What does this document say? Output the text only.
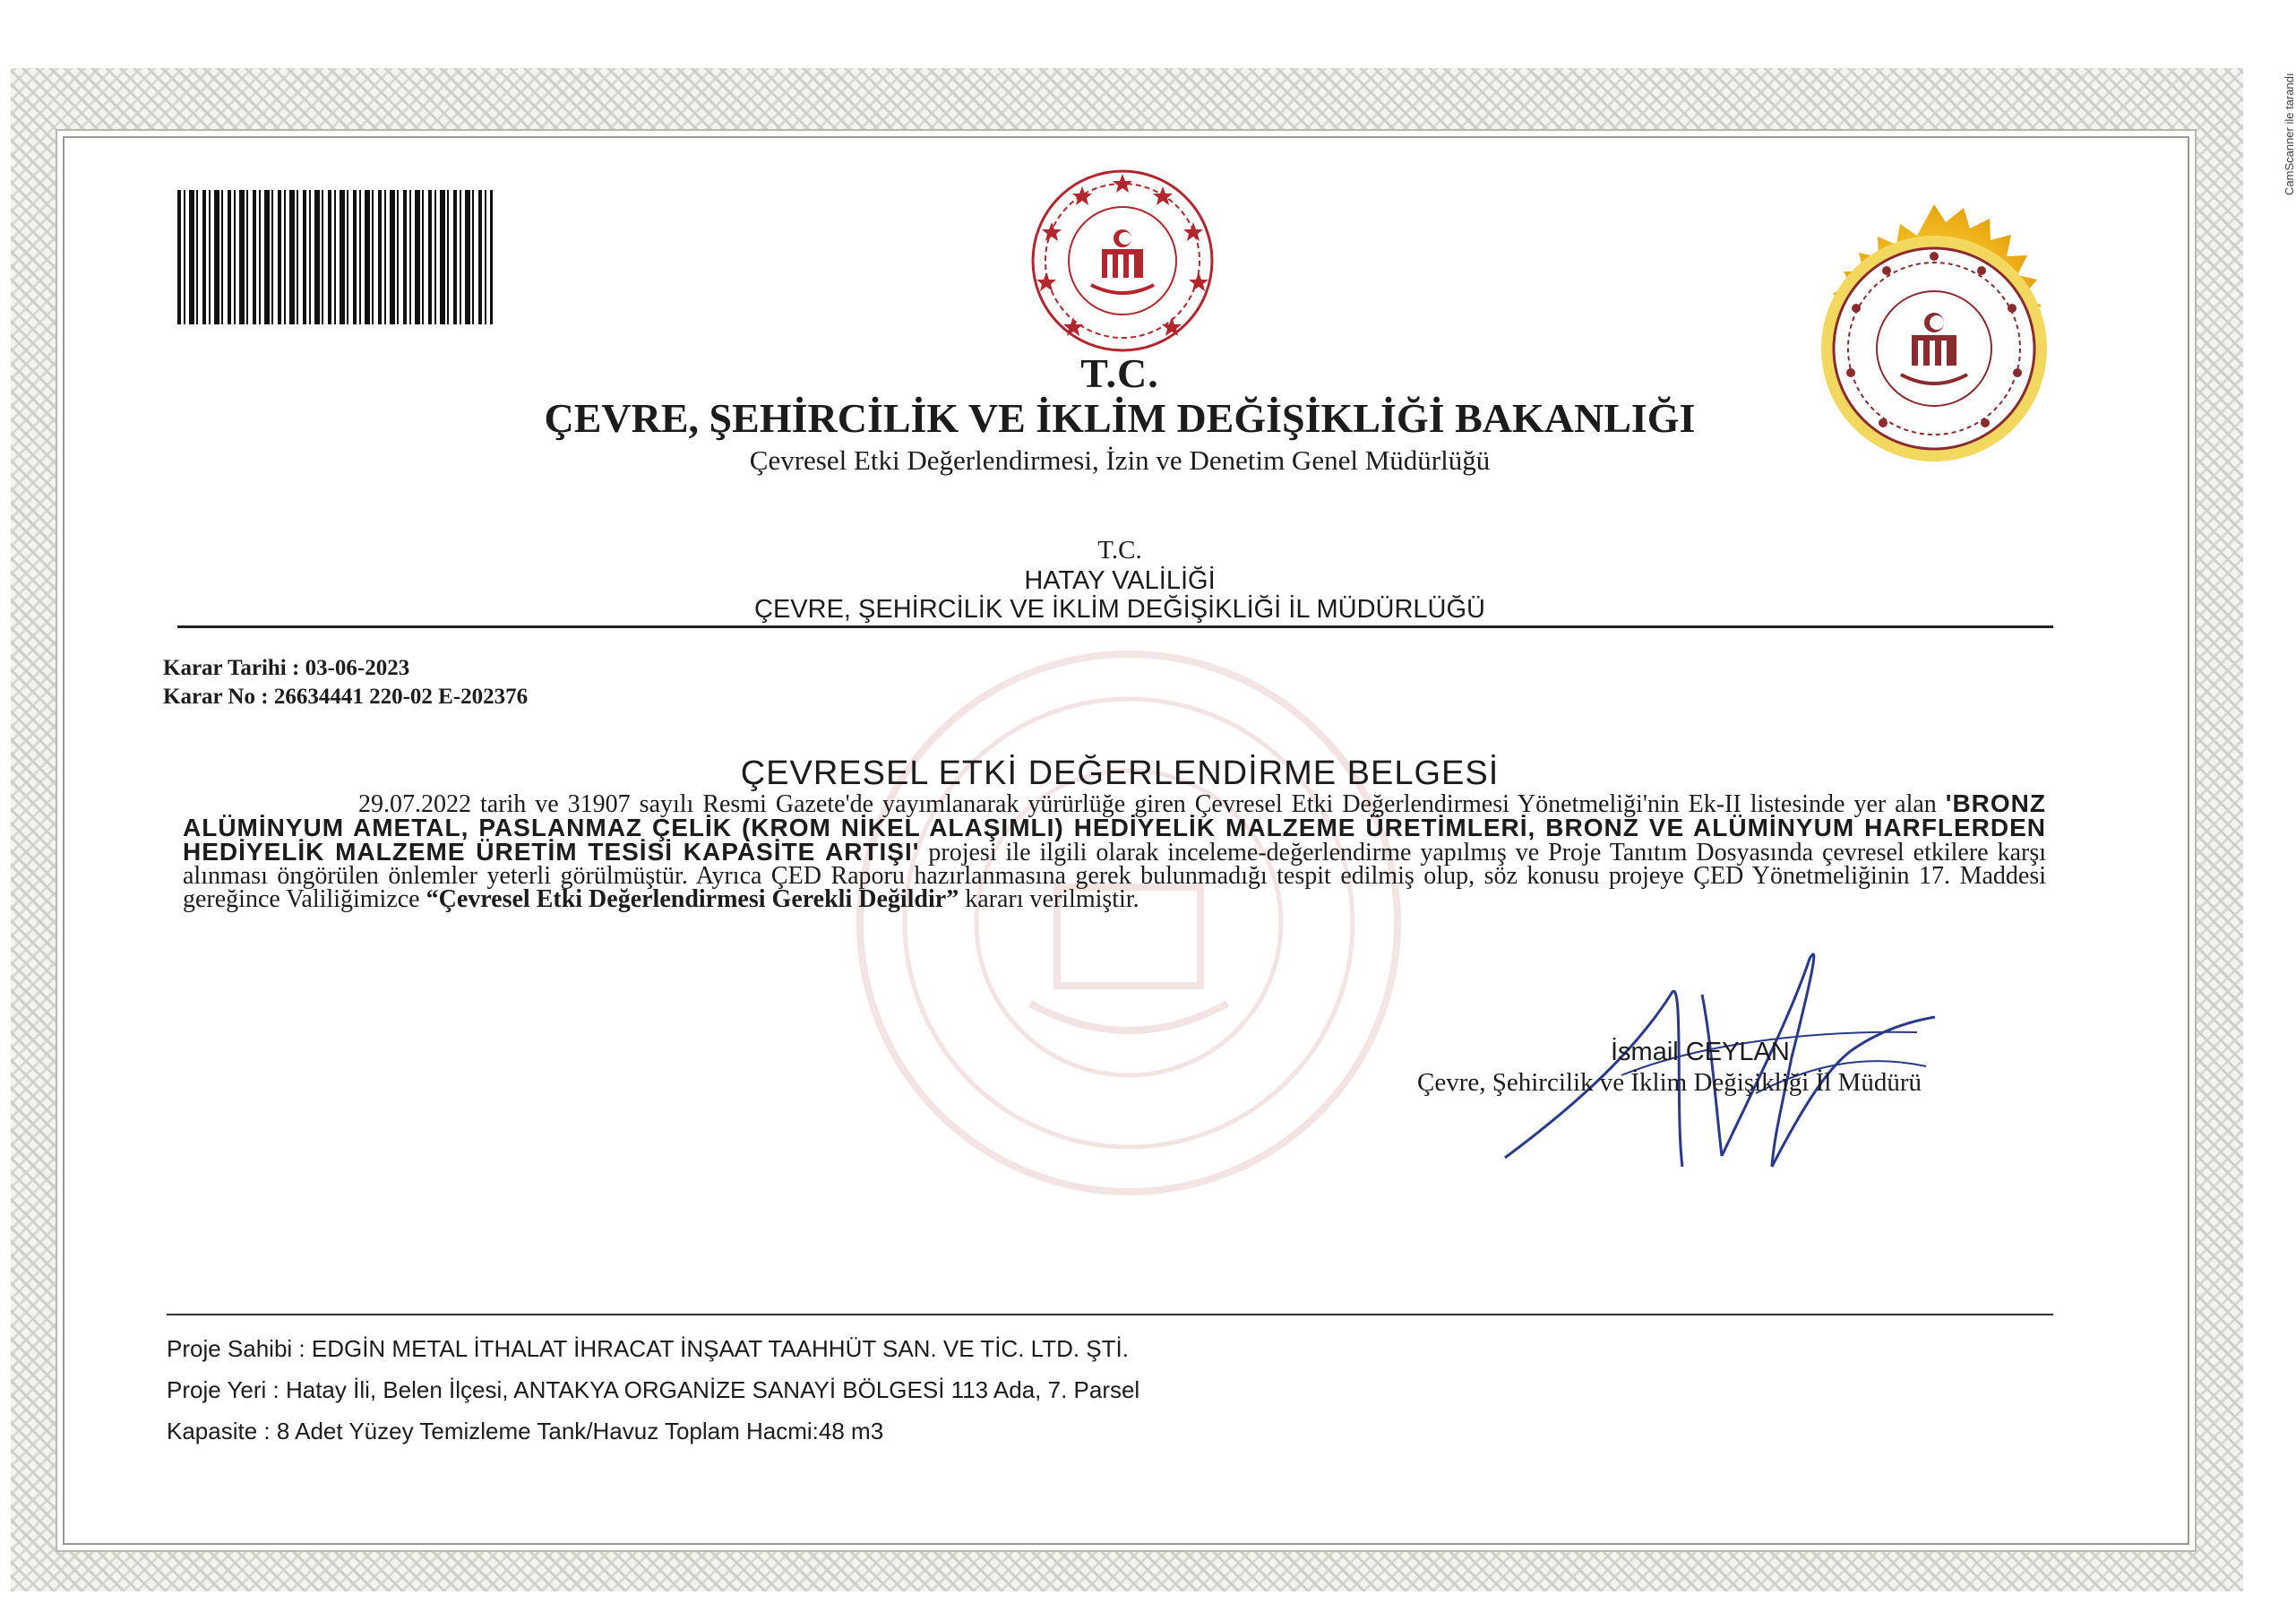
CamScanner ile tarandı
T.C.
ÇEVRE, ŞEHİRCİLİK VE İKLİM DEĞİŞİKLİĞİ BAKANLIĞI
Çevresel Etki Değerlendirmesi, İzin ve Denetim Genel Müdürlüğü
T.C.
HATAY VALİLİĞİ
ÇEVRE, ŞEHİRCİLİK VE İKLİM DEĞİŞİKLİĞİ İL MÜDÜRLÜĞÜ
Karar Tarihi : 03-06-2023
Karar No : 26634441 220-02 E-202376
ÇEVRESEL ETKİ DEĞERLENDİRME BELGESİ
29.07.2022 tarih ve 31907 sayılı Resmi Gazete'de yayımlanarak yürürlüğe giren Çevresel Etki Değerlendirmesi Yönetmeliği'nin Ek-II listesinde yer alan 'BRONZ ALÜMİNYUM AMETAL, PASLANMAZ ÇELİK (KROM NİKEL ALAŞIMLI) HEDİYELİK MALZEME ÜRETİMLERİ, BRONZ VE ALÜMİNYUM HARFLERDEN HEDİYELİK MALZEME ÜRETİM TESİSİ KAPASİTE ARTIŞI' projesi ile ilgili olarak inceleme-değerlendirme yapılmış ve Proje Tanıtım Dosyasında çevresel etkilere karşı alınması öngörülen önlemler yeterli görülmüştür. Ayrıca ÇED Raporu hazırlanmasına gerek bulunmadığı tespit edilmiş olup, söz konusu projeye ÇED Yönetmeliğinin 17. Maddesi gereğince Valiliğimizce “Çevresel Etki Değerlendirmesi Gerekli Değildir” kararı verilmiştir.
İsmail CEYLAN
Çevre, Şehircilik ve İklim Değişikliği İl Müdürü
Proje Sahibi : EDGİN METAL İTHALAT İHRACAT İNŞAAT TAAHHÜT SAN. VE TİC. LTD. ŞTİ.
Proje Yeri : Hatay İli, Belen İlçesi, ANTAKYA ORGANİZE SANAYİ BÖLGESİ 113 Ada, 7. Parsel
Kapasite : 8 Adet Yüzey Temizleme Tank/Havuz Toplam Hacmi:48 m3
